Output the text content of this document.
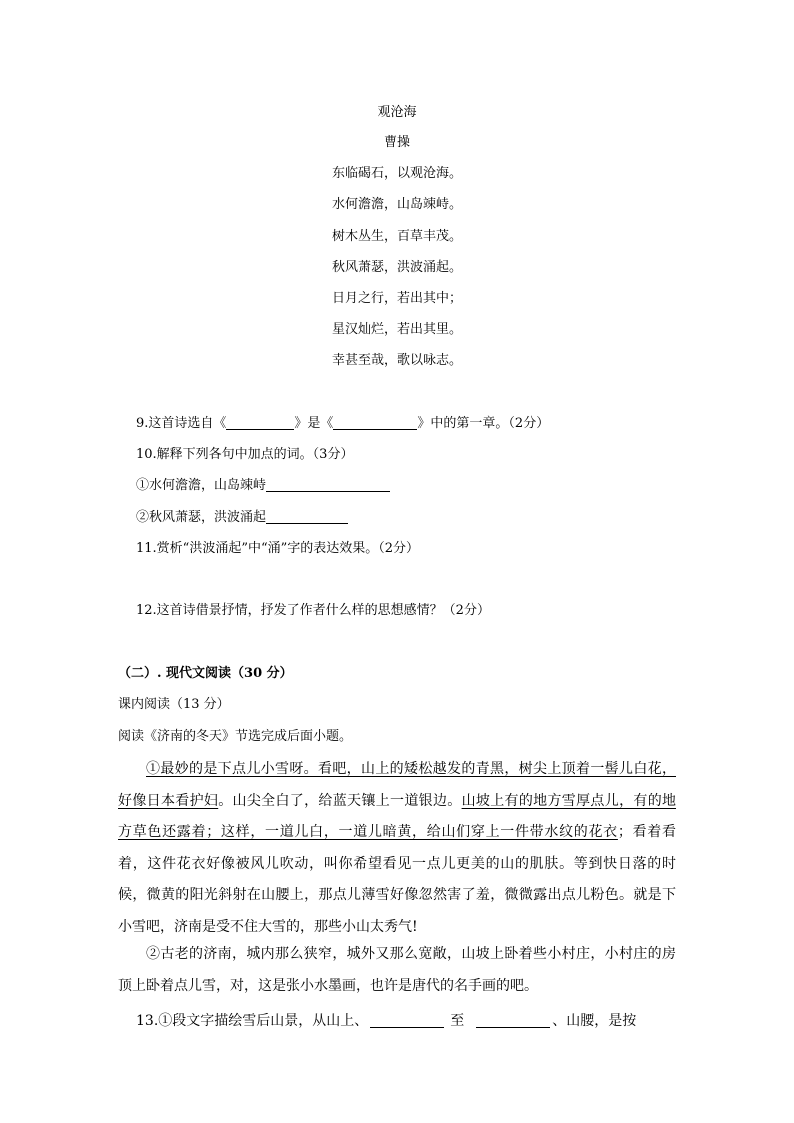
观沧海
曹操
东临碣石，以观沧海。
水何澹澹，山岛竦峙。
树木丛生，百草丰茂。
秋风萧瑟，洪波涌起。
日月之行，若出其中；
星汉灿烂，若出其里。
幸甚至哉，歌以咏志。
9.这首诗选自《	》是《	》中的第一章。（2分）
10.解释下列各句中加点的词。（3分）
①水何澹澹，山岛竦峙
②秋风萧瑟，洪波涌起
11.赏析“洪波涌起”中“涌”字的表达效果。（2分）
12.这首诗借景抒情，抒发了作者什么样的思想感情？（2分）
（二）. 现代文阅读（30 分）
课内阅读（13 分）
阅读《济南的冬天》节选完成后面小题。
①最妙的是下点儿小雪呀。看吧，山上的矮松越发的青黑，树尖上顶着一髻儿白花，好像日本看护妇。山尖全白了，给蓝天镶上一道银边。山坡上有的地方雪厚点儿，有的地方草色还露着；这样，一道儿白，一道儿暗黄，给山们穿上一件带水纹的花衣；看着看着，这件花衣好像被风儿吹动，叫你希望看见一点儿更美的山的肌肤。等到快日落的时候，微黄的阳光斜射在山腰上，那点儿薄雪好像忽然害了羞，微微露出点儿粉色。就是下小雪吧，济南是受不住大雪的，那些小山太秀气!
②古老的济南，城内那么狭窄，城外又那么宽敞，山坡上卧着些小村庄，小村庄的房顶上卧着点儿雪，对，这是张小水墨画，也许是唐代的名手画的吧。
13.①段文字描绘雪后山景，从山上、	至	、山腰，是按
